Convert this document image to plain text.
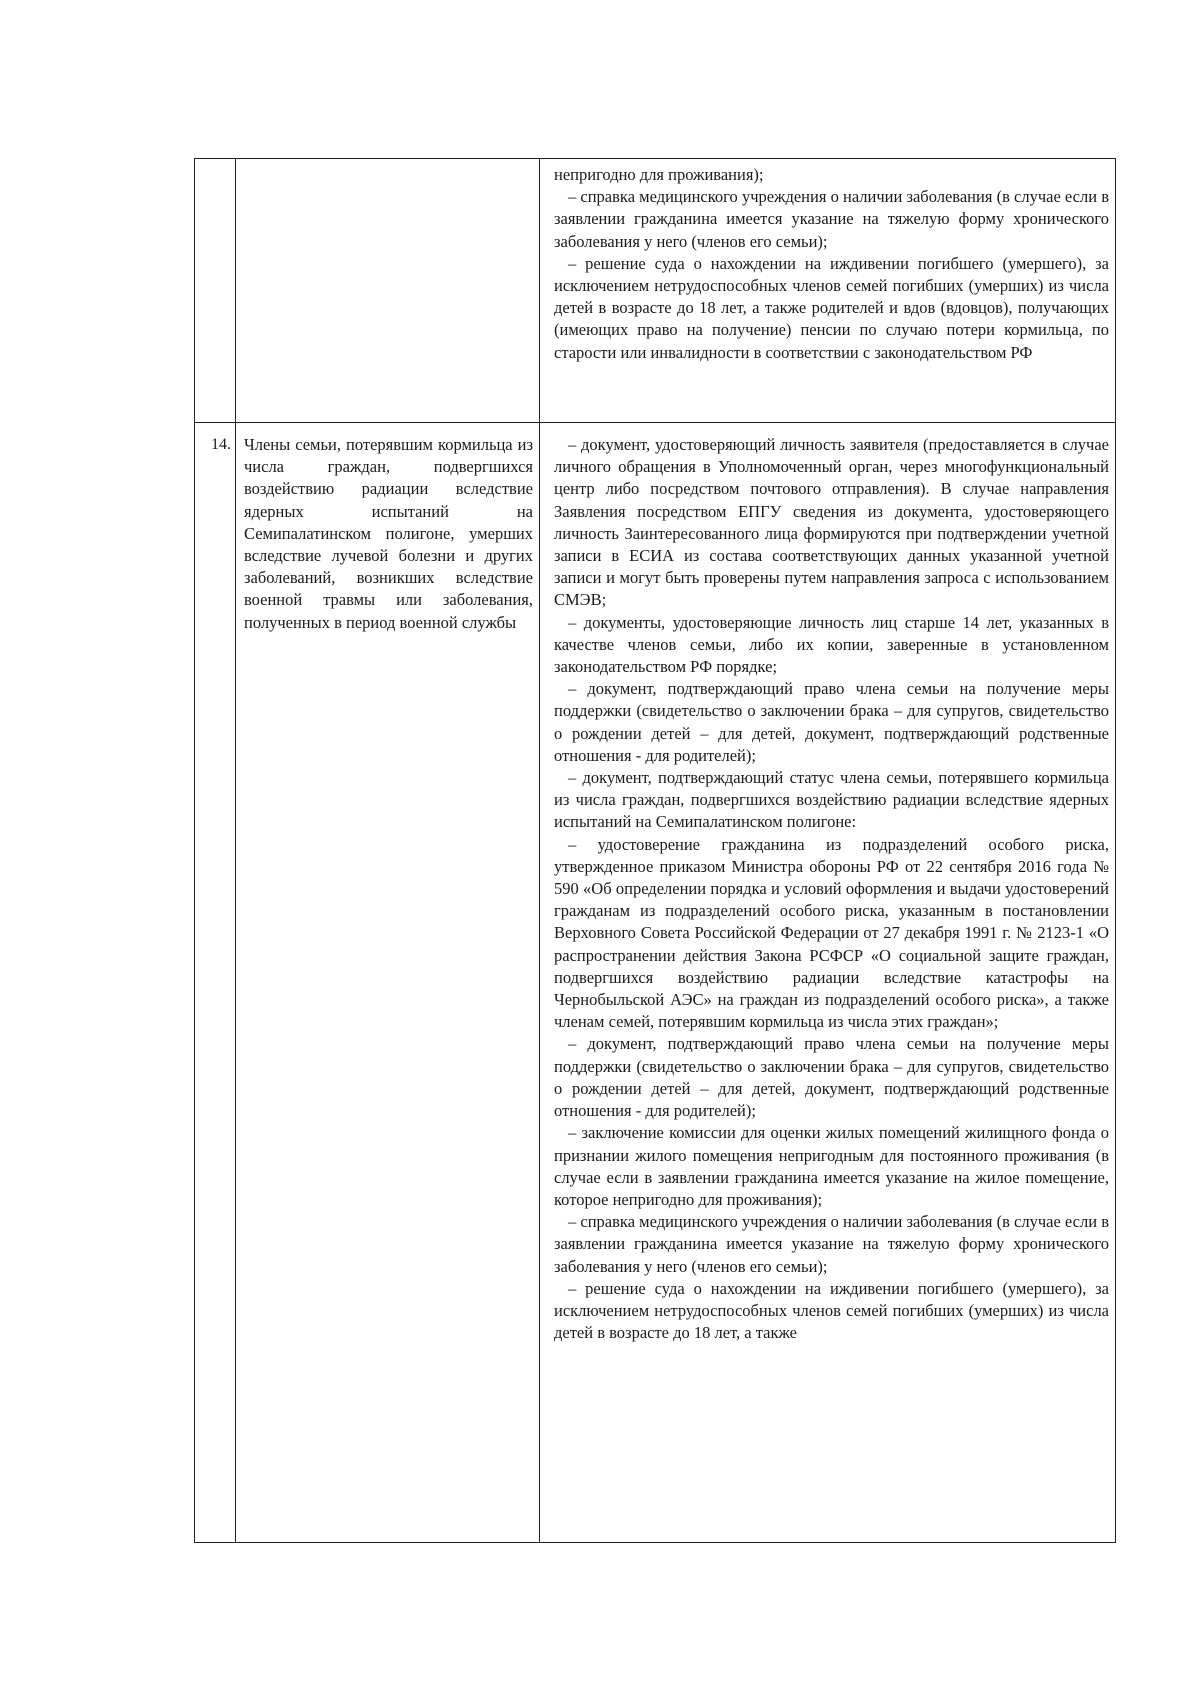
непригодно для проживания);

– справка медицинского учреждения о наличии заболевания (в случае если в заявлении гражданина имеется указание на тяжелую форму хронического заболевания у него (членов его семьи);

– решение суда о нахождении на иждивении погибшего (умершего), за исключением нетрудоспособных членов семей погибших (умерших) из числа детей в возрасте до 18 лет, а также родителей и вдов (вдовцов), получающих (имеющих право на получение) пенсии по случаю потери кормильца, по старости или инвалидности в соответствии с законодательством РФ

14. Члены семьи, потерявшим кормильца из числа граждан, подвергшихся воздействию радиации вследствие ядерных испытаний на Семипалатинском полигоне, умерших вследствие лучевой болезни и других заболеваний, возникших вследствие военной травмы или заболевания, полученных в период военной службы

– документ, удостоверяющий личность заявителя (предоставляется в случае личного обращения в Уполномоченный орган, через многофункциональный центр либо посредством почтового отправления). В случае направления Заявления посредством ЕПГУ сведения из документа, удостоверяющего личность Заинтересованного лица формируются при подтверждении учетной записи в ЕСИА из состава соответствующих данных указанной учетной записи и могут быть проверены путем направления запроса с использованием СМЭВ;

– документы, удостоверяющие личность лиц старше 14 лет, указанных в качестве членов семьи, либо их копии, заверенные в установленном законодательством РФ порядке;

– документ, подтверждающий право члена семьи на получение меры поддержки (свидетельство о заключении брака – для супругов, свидетельство о рождении детей – для детей, документ, подтверждающий родственные отношения - для родителей);

– документ, подтверждающий статус члена семьи, потерявшего кормильца из числа граждан, подвергшихся воздействию радиации вследствие ядерных испытаний на Семипалатинском полигоне:

– удостоверение гражданина из подразделений особого риска, утвержденное приказом Министра обороны РФ от 22 сентября 2016 года № 590 «Об определении порядка и условий оформления и выдачи удостоверений гражданам из подразделений особого риска, указанным в постановлении Верховного Совета Российской Федерации от 27 декабря 1991 г. № 2123-1 «О распространении действия Закона РСФСР «О социальной защите граждан, подвергшихся воздействию радиации вследствие катастрофы на Чернобыльской АЭС» на граждан из подразделений особого риска», а также членам семей, потерявшим кормильца из числа этих граждан»;

– документ, подтверждающий право члена семьи на получение меры поддержки (свидетельство о заключении брака – для супругов, свидетельство о рождении детей – для детей, документ, подтверждающий родственные отношения - для родителей);

– заключение комиссии для оценки жилых помещений жилищного фонда о признании жилого помещения непригодным для постоянного проживания (в случае если в заявлении гражданина имеется указание на жилое помещение, которое непригодно для проживания);

– справка медицинского учреждения о наличии заболевания (в случае если в заявлении гражданина имеется указание на тяжелую форму хронического заболевания у него (членов его семьи);

– решение суда о нахождении на иждивении погибшего (умершего), за исключением нетрудоспособных членов семей погибших (умерших) из числа детей в возрасте до 18 лет, а также
